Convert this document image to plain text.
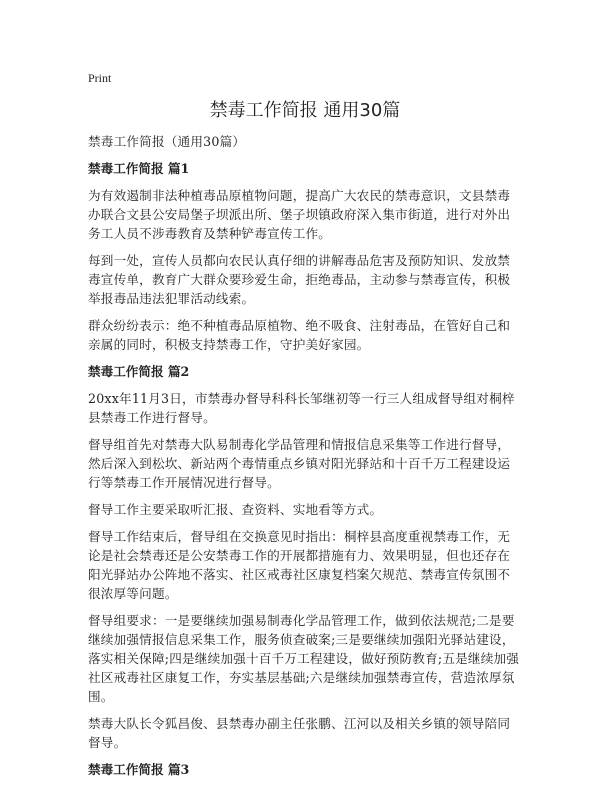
Print
禁毒工作简报 通用30篇

禁毒工作简报（通用30篇）

禁毒工作简报 篇1

为有效遏制非法种植毒品原植物问题，提高广大农民的禁毒意识，文县禁毒办联合文县公安局堡子坝派出所、堡子坝镇政府深入集市街道，进行对外出务工人员不涉毒教育及禁种铲毒宣传工作。

每到一处，宣传人员都向农民认真仔细的讲解毒品危害及预防知识、发放禁毒宣传单，教育广大群众要珍爱生命，拒绝毒品，主动参与禁毒宣传，积极举报毒品违法犯罪活动线索。

群众纷纷表示：绝不种植毒品原植物、绝不吸食、注射毒品，在管好自己和亲属的同时，积极支持禁毒工作，守护美好家园。

禁毒工作简报 篇2

20xx年11月3日，市禁毒办督导科科长邹继初等一行三人组成督导组对桐梓县禁毒工作进行督导。

督导组首先对禁毒大队易制毒化学品管理和情报信息采集等工作进行督导，然后深入到松坎、新站两个毒情重点乡镇对阳光驿站和十百千万工程建设运行等禁毒工作开展情况进行督导。

督导工作主要采取听汇报、查资料、实地看等方式。

督导工作结束后，督导组在交换意见时指出：桐梓县高度重视禁毒工作，无论是社会禁毒还是公安禁毒工作的开展都措施有力、效果明显，但也还存在阳光驿站办公阵地不落实、社区戒毒社区康复档案欠规范、禁毒宣传氛围不很浓厚等问题。

督导组要求：一是要继续加强易制毒化学品管理工作，做到依法规范;二是要继续加强情报信息采集工作，服务侦查破案;三是要继续加强阳光驿站建设，落实相关保障;四是继续加强十百千万工程建设，做好预防教育;五是继续加强社区戒毒社区康复工作，夯实基层基础;六是继续加强禁毒宣传，营造浓厚氛围。

禁毒大队长令狐昌俊、县禁毒办副主任张鹏、江河以及相关乡镇的领导陪同督导。

禁毒工作简报 篇3
